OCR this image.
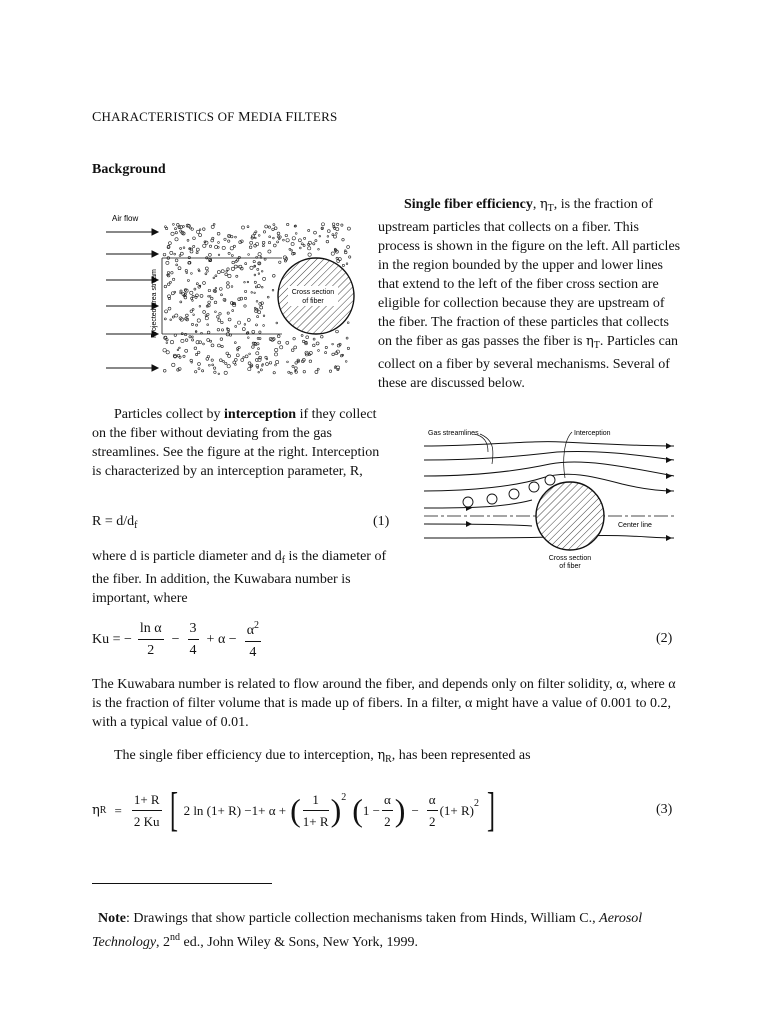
CHARACTERISTICS OF MEDIA FILTERS
Background
Air flow
Projected area stream	Cross section
of fiber
Single fiber efficiency, $\eta_T$, is the fraction of upstream particles that collects on a fiber. This process is shown in the figure on the left. All particles in the region bounded by the upper and lower lines that extend to the left of the fiber cross section are eligible for collection because they are upstream of the fiber. The fraction of these particles that collects on the fiber as gas passes the fiber is $\eta_T$. Particles can collect on a fiber by several mechanisms. Several of these are discussed below.
Particles collect by interception if they collect on the fiber without deviating from the gas streamlines. See the figure at the right. Interception is characterized by an interception parameter, R,
$R = d/d_f$	(1)
Gas streamlines	Interception
Center line
Cross section
of fiber
where d is particle diameter and $d_f$ is the diameter of the fiber. In addition, the Kuwabara number is important, where
Ku = − $\frac{\text{ln α}}{2} - \frac{3}{4} + \alpha - \frac{\alpha^2}{4}$	(2)
The Kuwabara number is related to flow around the fiber, and depends only on filter solidity, α, where α is the fraction of filter volume that is made up of fibers. In a filter, α might have a value of 0.001 to 0.2, with a typical value of 0.01.
The single fiber efficiency due to interception, $\eta_R$, has been represented as
η $R = \frac{1+ R}{2 Ku}$ [ 2 ln (1+ R) −1+ α + ( $\frac{1}{1+ R}$ ) 2 ( $1 - \frac{\alpha}{2}$ ) − $\frac{\alpha}{2} (1+ R)$ 2 ]	(3)
Note: Drawings that show particle collection mechanisms taken from Hinds, William C., Aerosol Technology, 2nd ed., John Wiley & Sons, New York, 1999.
